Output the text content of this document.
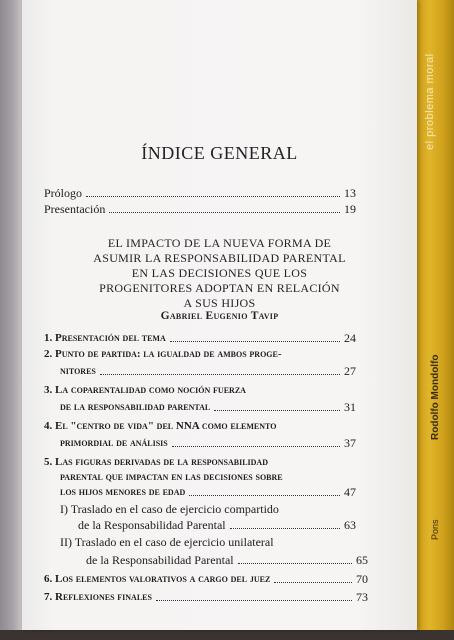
el problema moral
Rodolfo Mondolfo
Pons
ÍNDICE GENERAL
Prólogo	13
Presentación	19
EL IMPACTO DE LA NUEVA FORMA DE
ASUMIR LA RESPONSABILIDAD PARENTAL
EN LAS DECISIONES QUE LOS
PROGENITORES ADOPTAN EN RELACIÓN
A SUS HIJOS
Gabriel Eugenio Tavip
1. Presentación del tema	24
2. Punto de partida: la igualdad de ambos proge-
nitores	27
3. La coparentalidad como noción fuerza
de la responsabilidad parental	31
4. El "centro de vida" del NNA como elemento
primordial de análisis	37
5. Las figuras derivadas de la responsabilidad
parental que impactan en las decisiones sobre
los hijos menores de edad	47
I) Traslado en el caso de ejercicio compartido
de la Responsabilidad Parental	63
II) Traslado en el caso de ejercicio unilateral
de la Responsabilidad Parental	65
6. Los elementos valorativos a cargo del juez	70
7. Reflexiones finales	73
